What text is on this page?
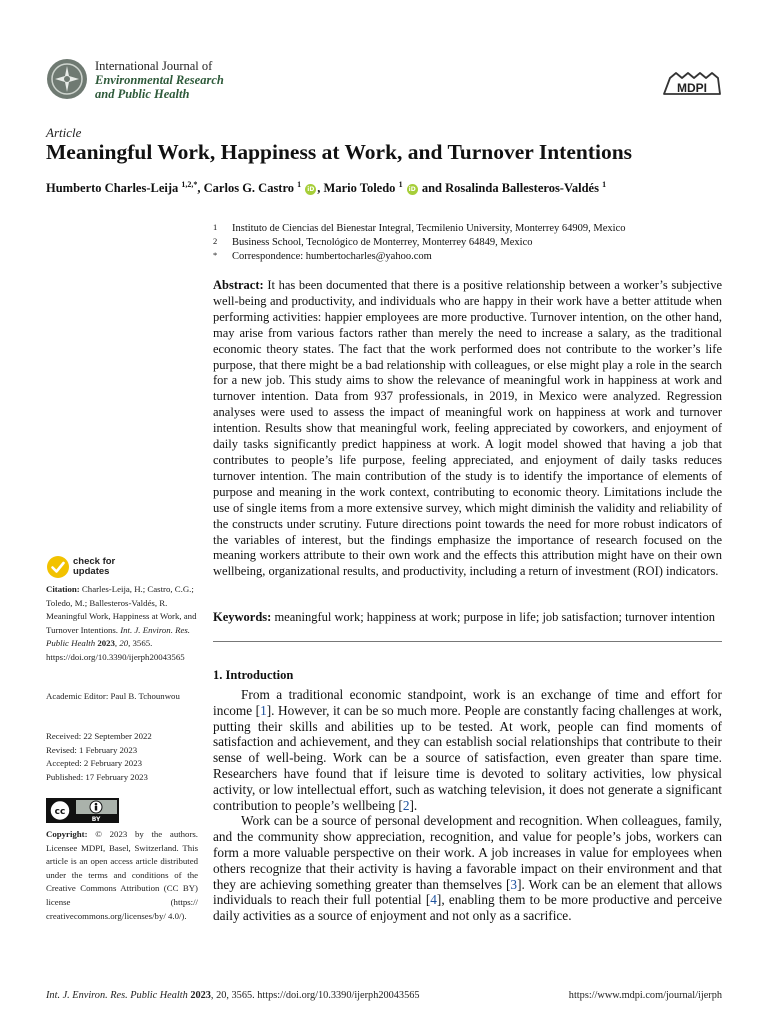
International Journal of
Environmental Research
and Public Health	MDPI
Article
Meaningful Work, Happiness at Work, and Turnover Intentions
Humberto Charles-Leija $^{1,2,*}$, Carlos G. Castro $^1$ iD , Mario Toledo $^1$ iD and Rosalinda Ballesteros-Valdés $^1$
1 Instituto de Ciencias del Bienestar Integral, Tecmilenio University, Monterrey 64909, Mexico
2 Business School, Tecnológico de Monterrey, Monterrey 64849, Mexico
* Correspondence: humbertocharles@yahoo.com
Abstract: It has been documented that there is a positive relationship between a worker’s subjective well-being and productivity, and individuals who are happy in their work have a better attitude when performing activities: happier employees are more productive. Turnover intention, on the other hand, may arise from various factors rather than merely the need to increase a salary, as the traditional economic theory states. The fact that the work performed does not contribute to the worker’s life purpose, that there might be a bad relationship with colleagues, or else might play a role in the search for a new job. This study aims to show the relevance of meaningful work in happiness at work and turnover intention. Data from 937 professionals, in 2019, in Mexico were analyzed. Regression analyses were used to assess the impact of meaningful work on happiness at work and turnover intention. Results show that meaningful work, feeling appreciated by coworkers, and enjoyment of daily tasks significantly predict happiness at work. A logit model showed that having a job that contributes to people’s life purpose, feeling appreciated, and enjoyment of daily tasks reduces turnover intention. The main contribution of the study is to identify the importance of elements of purpose and meaning in the work context, contributing to economic theory. Limitations include the use of single items from a more extensive survey, which might diminish the validity and reliability of the constructs under scrutiny. Future directions point towards the need for more robust indicators of the variables of interest, but the findings emphasize the importance of research focused on the meaning workers attribute to their own work and the effects this attribution might have on their own wellbeing, organizational results, and productivity, including a return of investment (ROI) indicators.
Keywords: meaningful work; happiness at work; purpose in life; job satisfaction; turnover intention
1. Introduction

From a traditional economic standpoint, work is an exchange of time and effort for income [1]. However, it can be so much more. People are constantly facing challenges at work, putting their skills and abilities up to be tested. At work, people can find moments of satisfaction and achievement, and they can establish social relationships that contribute to their sense of well-being. Work can be a source of satisfaction, even greater than spare time. Researchers have found that if leisure time is devoted to solitary activities, low physical activity, or low intellectual effort, such as watching television, it does not generate a significant contribution to people’s wellbeing [2].

Work can be a source of personal development and recognition. When colleagues, family, and the community show appreciation, recognition, and value for people’s jobs, workers can form a more valuable perspective on their work. A job increases in value for employees when others recognize that their activity is having a favorable impact on their environment and that they are achieving something greater than themselves [3]. Work can be an element that allows individuals to reach their full potential [4], enabling them to be more productive and perceive daily activities as a source of enjoyment and not only as a sacrifice.

check for
updates
Citation: Charles-Leija, H.; Castro, C.G.; Toledo, M.; Ballesteros-Valdés, R. Meaningful Work, Happiness at Work, and Turnover Intentions. Int. J. Environ. Res. Public Health 2023, 20, 3565. https://doi.org/10.3390/ijerph20043565
Academic Editor: Paul B. Tchounwou
Received: 22 September 2022
Revised: 1 February 2023
Accepted: 2 February 2023
Published: 17 February 2023
cc
BY
Copyright: © 2023 by the authors. Licensee MDPI, Basel, Switzerland. This article is an open access article distributed under the terms and conditions of the Creative Commons Attribution (CC BY) license (https:// creativecommons.org/licenses/by/ 4.0/).
Int. J. Environ. Res. Public Health 2023, 20, 3565. https://doi.org/10.3390/ijerph20043565	https://www.mdpi.com/journal/ijerph
